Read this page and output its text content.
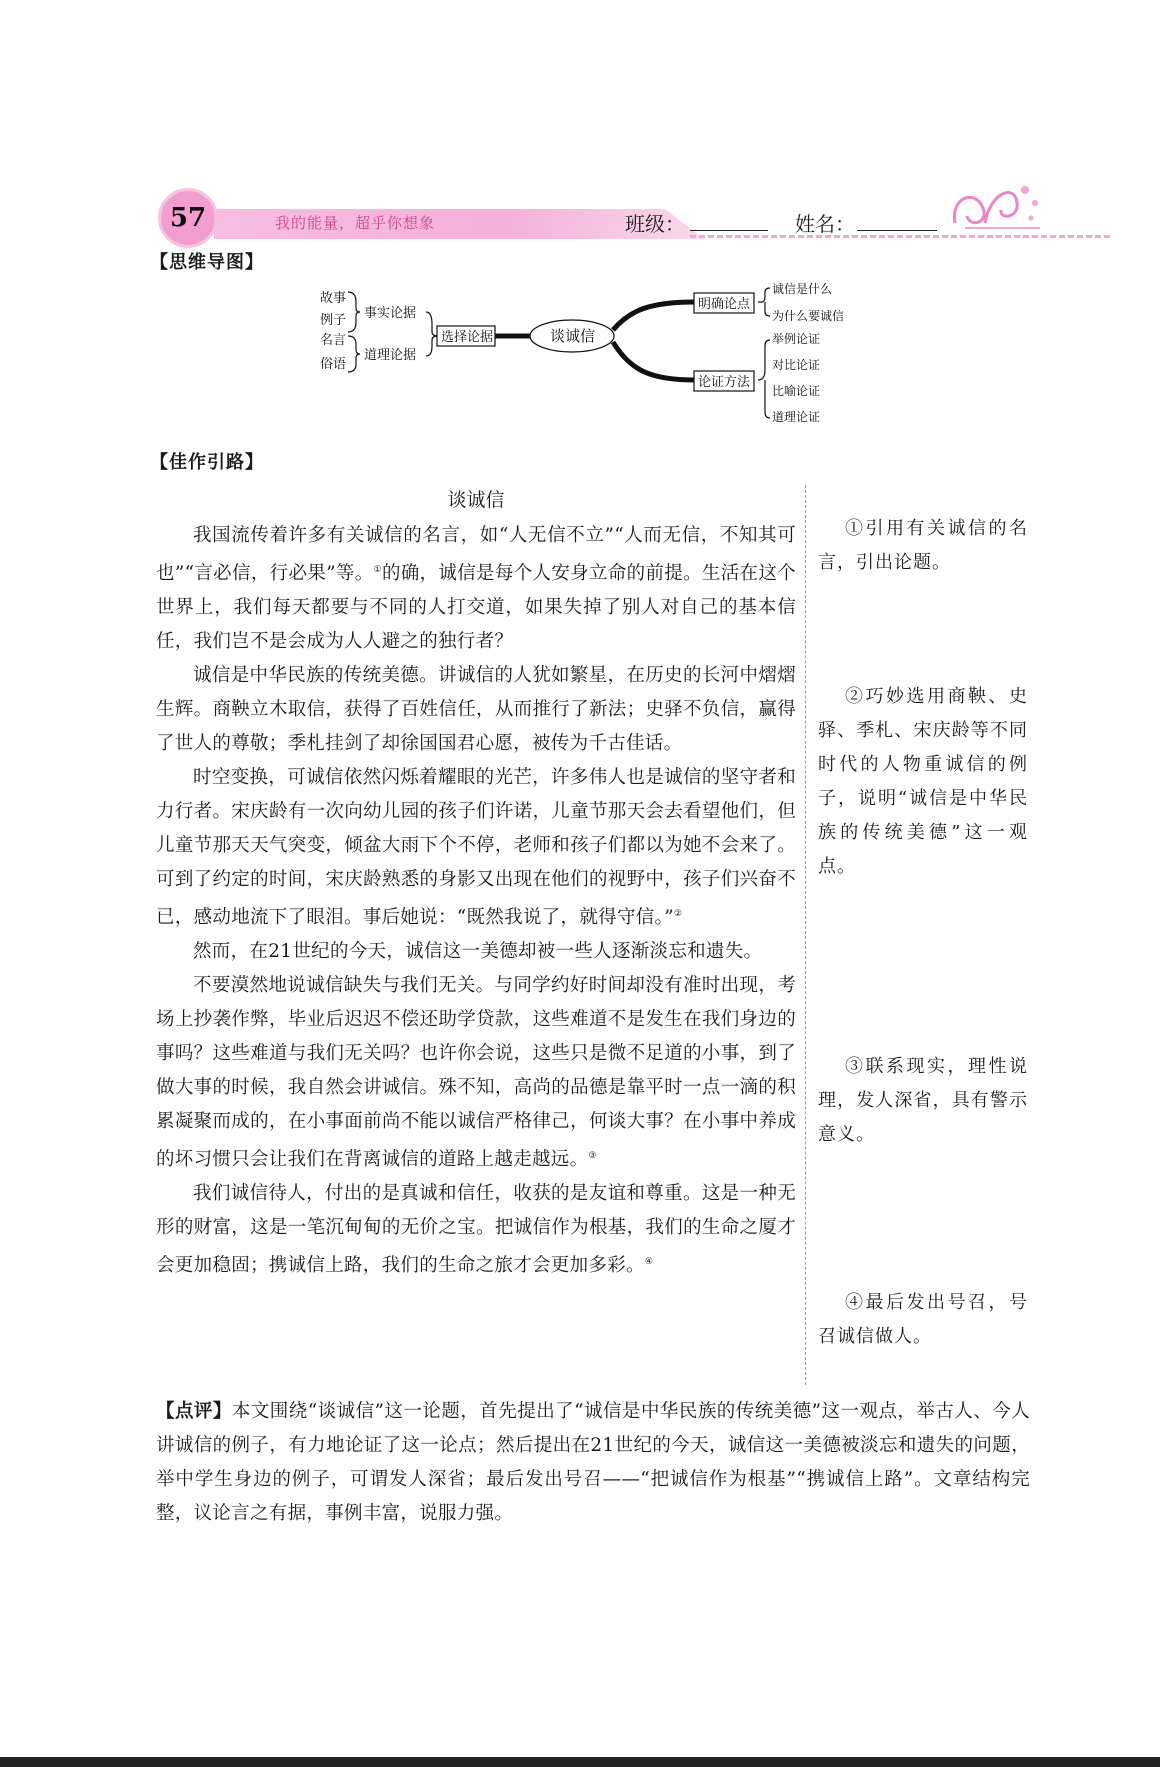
57	我的能量，超乎你想象	班级：	姓名：
【思维导图】
故事
例子 事实论据
名言
俗语
道理论据
选择论据	谈诚信
明确论点
诚信是什么
为什么要诚信
论证方法
举例论证
对比论证
比喻论证
道理论证
【佳作引路】
谈诚信

我国流传着许多有关诚信的名言，如“人无信不立”“人而无信，不知其可也”“言必信，行必果”等。①的确，诚信是每个人安身立命的前提。生活在这个世界上，我们每天都要与不同的人打交道，如果失掉了别人对自己的基本信任，我们岂不是会成为人人避之的独行者？

诚信是中华民族的传统美德。讲诚信的人犹如繁星，在历史的长河中熠熠生辉。商鞅立木取信，获得了百姓信任，从而推行了新法；史驿不负信，赢得了世人的尊敬；季札挂剑了却徐国国君心愿，被传为千古佳话。

时空变换，可诚信依然闪烁着耀眼的光芒，许多伟人也是诚信的坚守者和力行者。宋庆龄有一次向幼儿园的孩子们许诺，儿童节那天会去看望他们，但儿童节那天天气突变，倾盆大雨下个不停，老师和孩子们都以为她不会来了。可到了约定的时间，宋庆龄熟悉的身影又出现在他们的视野中，孩子们兴奋不已，感动地流下了眼泪。事后她说：“既然我说了，就得守信。”②

然而，在21世纪的今天，诚信这一美德却被一些人逐渐淡忘和遗失。

不要漠然地说诚信缺失与我们无关。与同学约好时间却没有准时出现，考场上抄袭作弊，毕业后迟迟不偿还助学贷款，这些难道不是发生在我们身边的事吗？这些难道与我们无关吗？也许你会说，这些只是微不足道的小事，到了做大事的时候，我自然会讲诚信。殊不知，高尚的品德是靠平时一点一滴的积累凝聚而成的，在小事面前尚不能以诚信严格律己，何谈大事？在小事中养成的坏习惯只会让我们在背离诚信的道路上越走越远。③

我们诚信待人，付出的是真诚和信任，收获的是友谊和尊重。这是一种无形的财富，这是一笔沉甸甸的无价之宝。把诚信作为根基，我们的生命之厦才会更加稳固；携诚信上路，我们的生命之旅才会更加多彩。④

①引用有关诚信的名言，引出论题。
②巧妙选用商鞅、史驿、季札、宋庆龄等不同时代的人物重诚信的例子，说明“诚信是中华民族的传统美德”这一观点。
③联系现实，理性说理，发人深省，具有警示意义。
④最后发出号召，号召诚信做人。
【点评】本文围绕“谈诚信”这一论题，首先提出了“诚信是中华民族的传统美德”这一观点，举古人、今人讲诚信的例子，有力地论证了这一论点；然后提出在21世纪的今天，诚信这一美德被淡忘和遗失的问题，举中学生身边的例子，可谓发人深省；最后发出号召——“把诚信作为根基”“携诚信上路”。文章结构完整，议论言之有据，事例丰富，说服力强。
